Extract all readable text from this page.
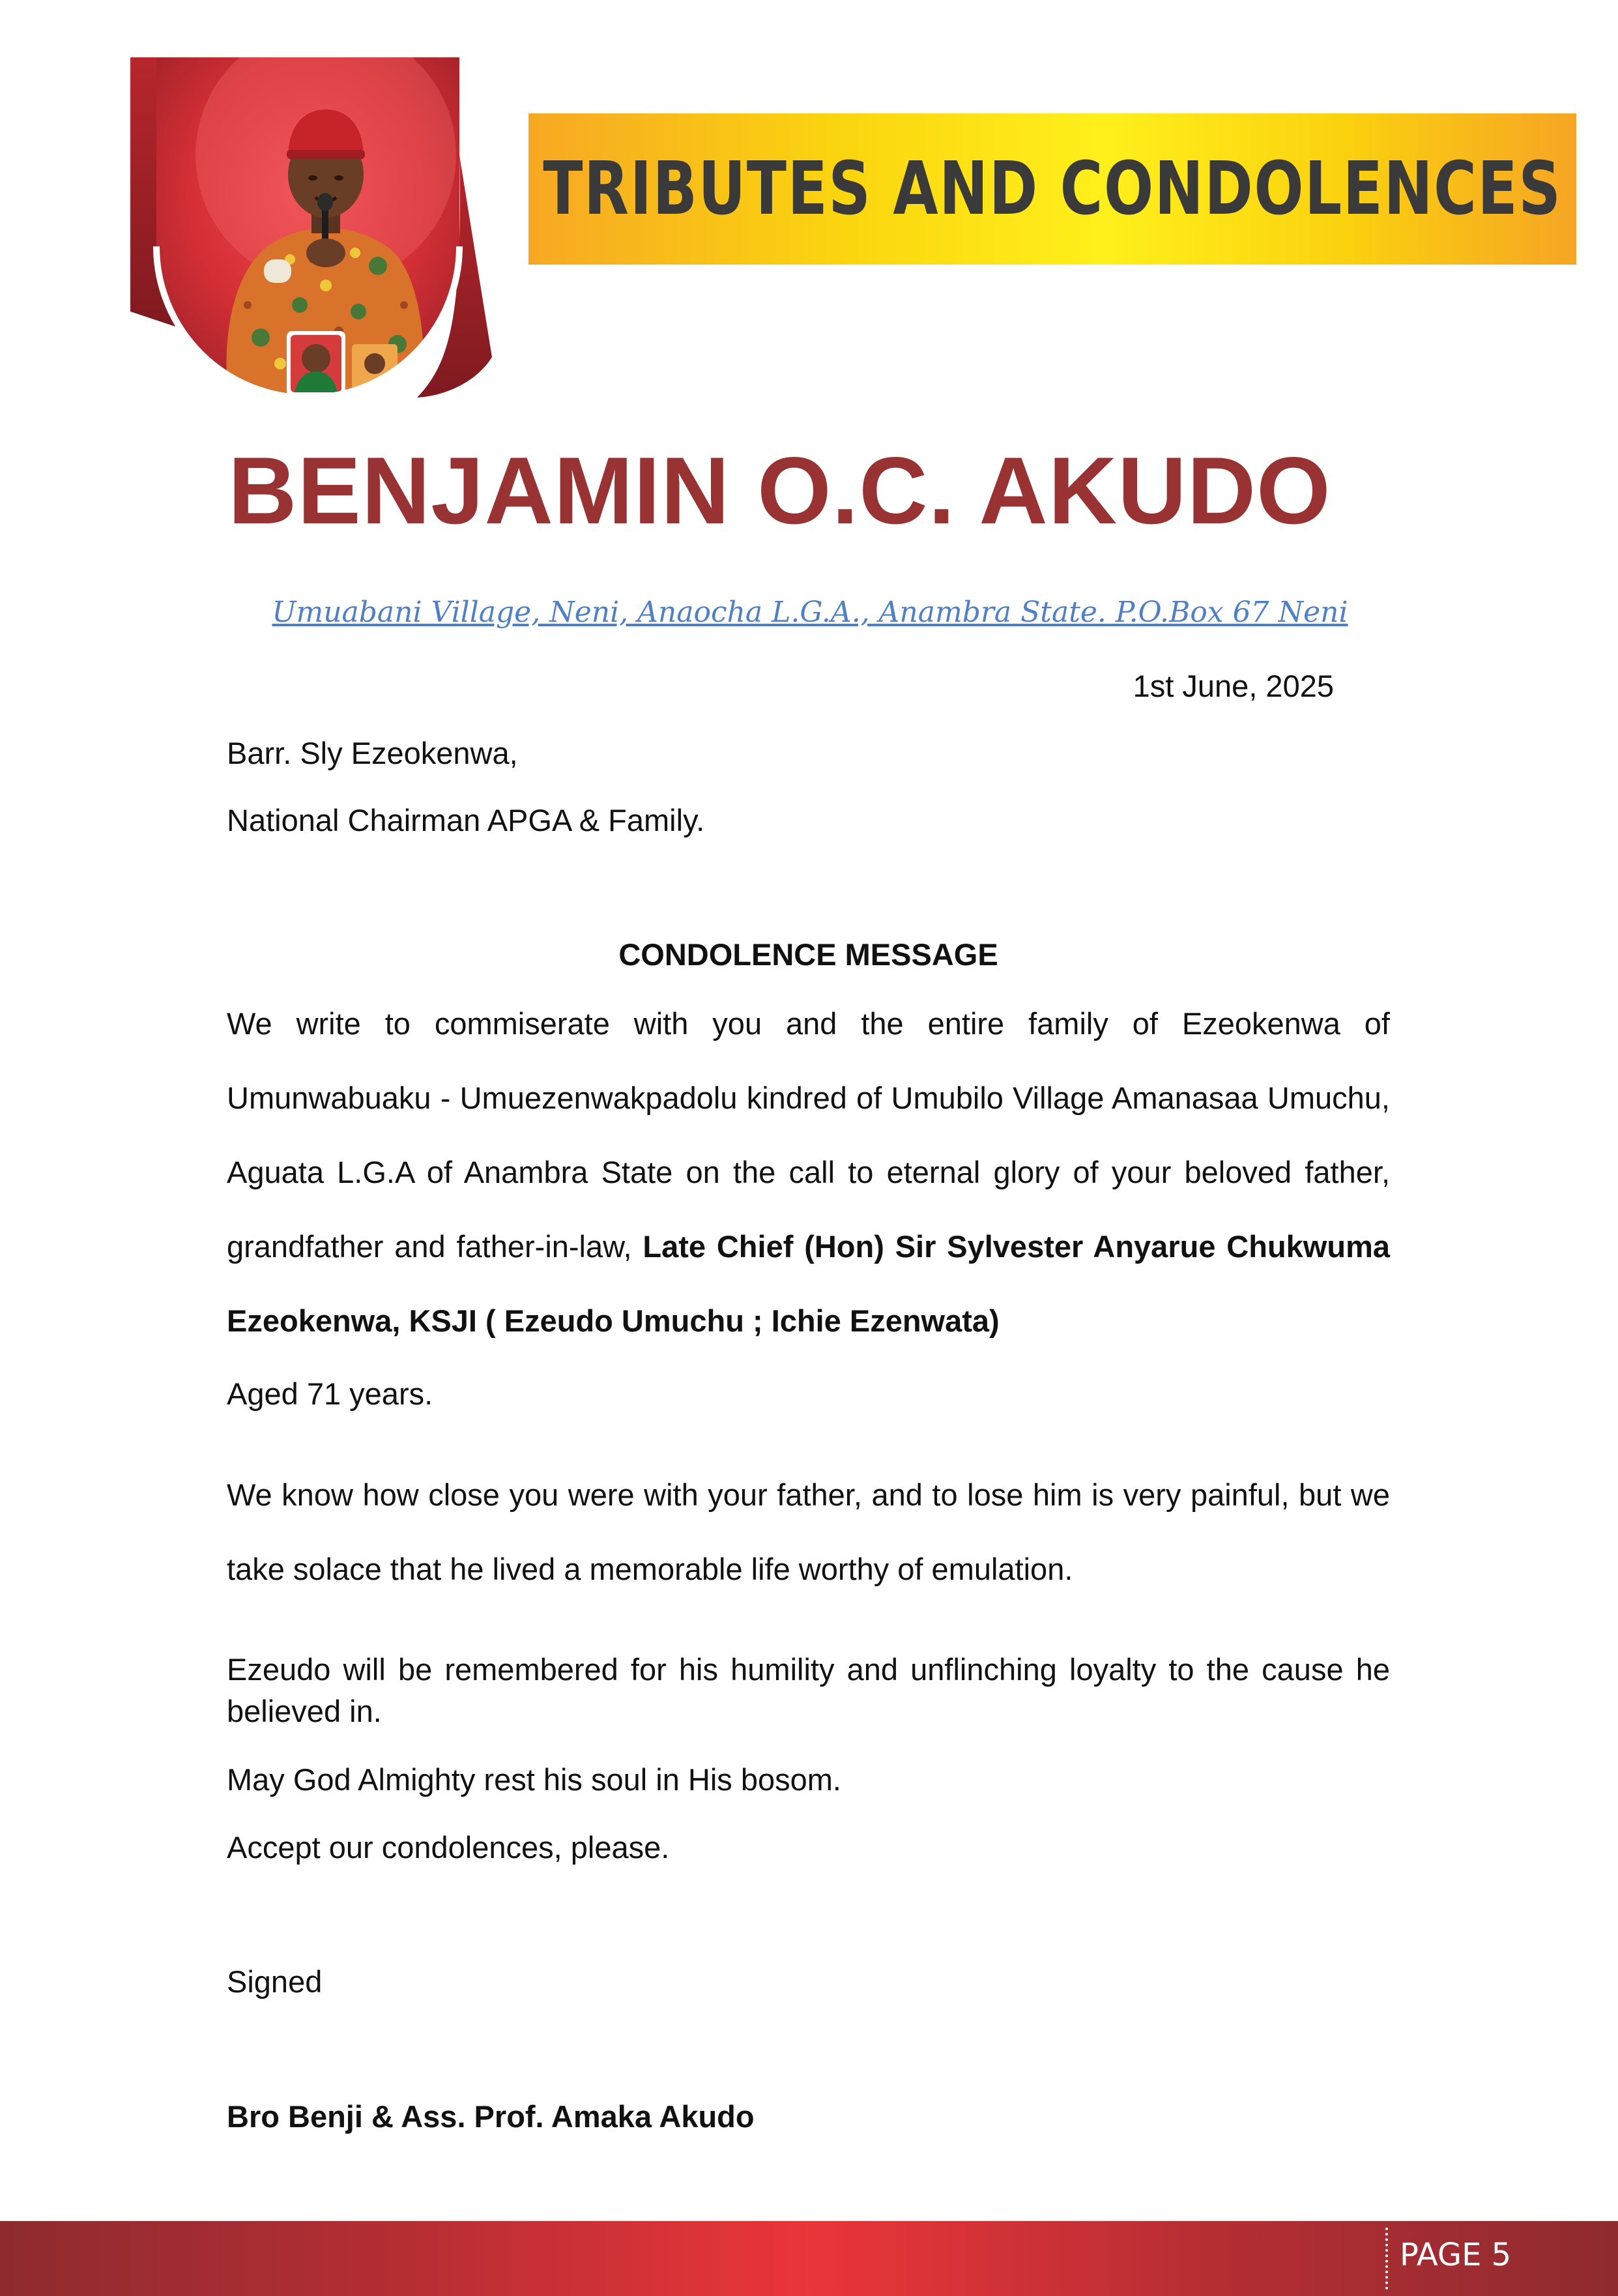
TRIBUTES AND CONDOLENCES
BENJAMIN O.C. AKUDO
Umuabani Village, Neni, Anaocha L.G.A., Anambra State. P.O.Box 67 Neni
1st June, 2025

Barr. Sly Ezeokenwa,

National Chairman APGA & Family.

CONDOLENCE MESSAGE

We write to commiserate with you and the entire family of Ezeokenwa of Umunwabuaku - Umuezenwakpadolu kindred of Umubilo Village Amanasaa Umuchu, Aguata L.G.A of Anambra State on the call to eternal glory of your beloved father, grandfather and father-in-law, Late Chief (Hon) Sir Sylvester Anyarue Chukwuma Ezeokenwa, KSJI ( Ezeudo Umuchu ; Ichie Ezenwata)

Aged 71 years.

We know how close you were with your father, and to lose him is very painful, but we take solace that he lived a memorable life worthy of emulation.

Ezeudo will be remembered for his humility and unflinching loyalty to the cause he believed in.

May God Almighty rest his soul in His bosom.

Accept our condolences, please.

Signed

Bro Benji & Ass. Prof. Amaka Akudo

PAGE 5
